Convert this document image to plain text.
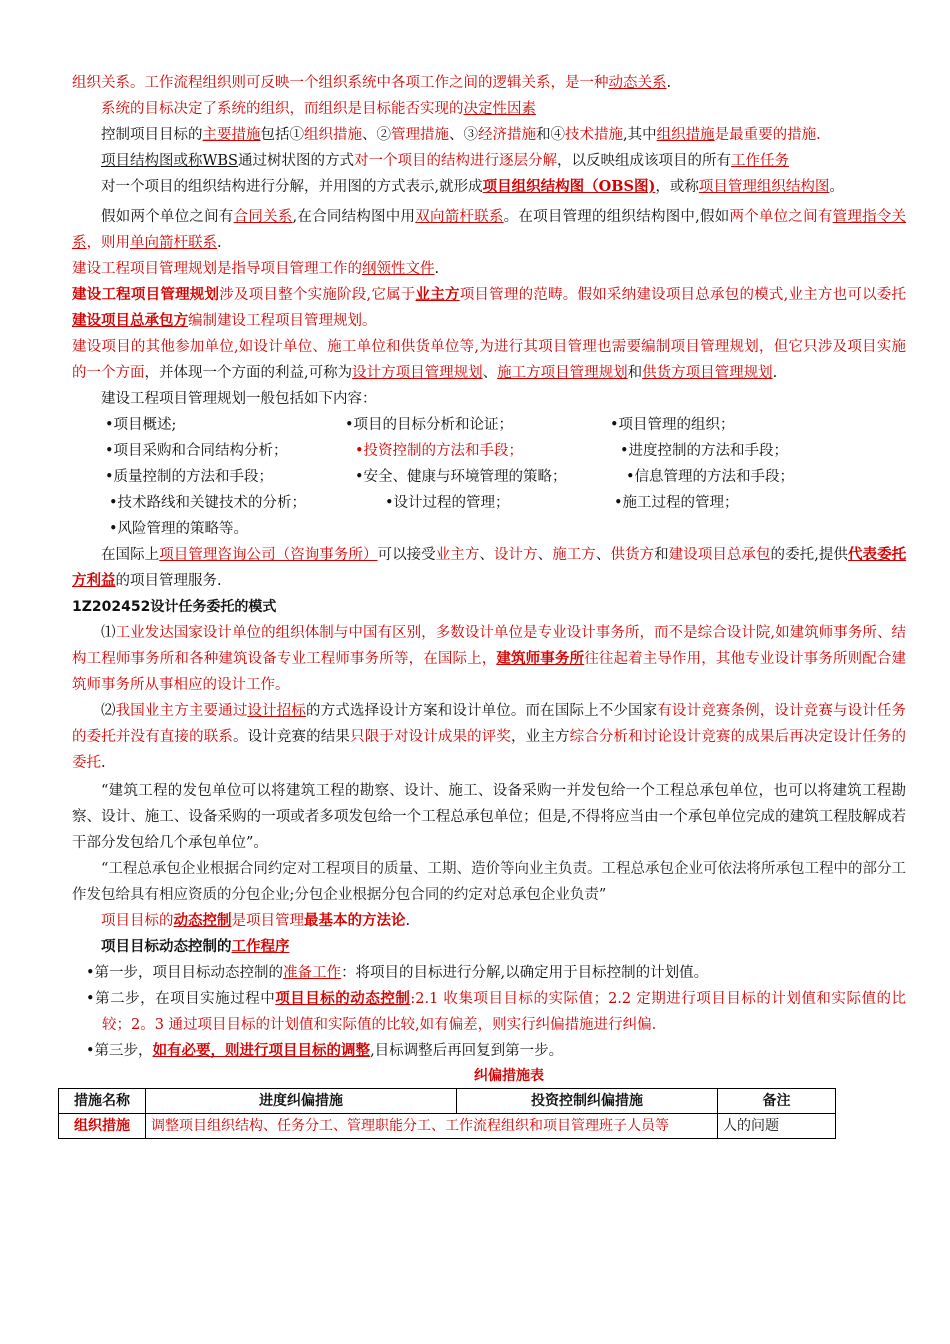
组织关系。工作流程组织则可反映一个组织系统中各项工作之间的逻辑关系，是一种动态关系.

系统的目标决定了系统的组织，而组织是目标能否实现的决定性因素

控制项目目标的主要措施包括①组织措施、②管理措施、③经济措施和④技术措施,其中组织措施是最重要的措施.

项目结构图或称WBS通过树状图的方式对一个项目的结构进行逐层分解，以反映组成该项目的所有工作任务

对一个项目的组织结构进行分解，并用图的方式表示,就形成项目组织结构图（OBS图)，或称项目管理组织结构图。

假如两个单位之间有合同关系,在合同结构图中用双向箭杆联系。在项目管理的组织结构图中,假如两个单位之间有管理指令关系，则用单向箭杆联系.

建设工程项目管理规划是指导项目管理工作的纲领性文件.

建设工程项目管理规划涉及项目整个实施阶段,它属于业主方项目管理的范畴。假如采纳建设项目总承包的模式,业主方也可以委托建设项目总承包方编制建设工程项目管理规划。

建设项目的其他参加单位,如设计单位、施工单位和供货单位等,为进行其项目管理也需要编制项目管理规划，但它只涉及项目实施的一个方面，并体现一个方面的利益,可称为设计方项目管理规划、施工方项目管理规划和供货方项目管理规划.

建设工程项目管理规划一般包括如下内容：

•项目概述;	•项目的目标分析和论证；	•项目管理的组织；
•项目采购和合同结构分析；	•投资控制的方法和手段；	•进度控制的方法和手段；
•质量控制的方法和手段；	•安全、健康与环境管理的策略；	•信息管理的方法和手段；
•技术路线和关键技术的分析；	•设计过程的管理；	•施工过程的管理；
•风险管理的策略等。

在国际上项目管理咨询公司（咨询事务所）可以接受业主方、设计方、施工方、供货方和建设项目总承包的委托,提供代表委托方利益的项目管理服务.

1Z202452设计任务委托的模式

⑴工业发达国家设计单位的组织体制与中国有区别，多数设计单位是专业设计事务所，而不是综合设计院,如建筑师事务所、结构工程师事务所和各种建筑设备专业工程师事务所等，在国际上，建筑师事务所往往起着主导作用，其他专业设计事务所则配合建筑师事务所从事相应的设计工作。

⑵我国业主方主要通过设计招标的方式选择设计方案和设计单位。而在国际上不少国家有设计竞赛条例，设计竞赛与设计任务的委托并没有直接的联系。设计竞赛的结果只限于对设计成果的评奖，业主方综合分析和讨论设计竞赛的成果后再决定设计任务的委托.

“建筑工程的发包单位可以将建筑工程的勘察、设计、施工、设备采购一并发包给一个工程总承包单位，也可以将建筑工程勘察、设计、施工、设备采购的一项或者多项发包给一个工程总承包单位；但是,不得将应当由一个承包单位完成的建筑工程肢解成若干部分发包给几个承包单位”。

“工程总承包企业根据合同约定对工程项目的质量、工期、造价等向业主负责。工程总承包企业可依法将所承包工程中的部分工作发包给具有相应资质的分包企业;分包企业根据分包合同的约定对总承包企业负责”

项目目标的动态控制是项目管理最基本的方法论.

项目目标动态控制的工作程序

•第一步，项目目标动态控制的准备工作：将项目的目标进行分解,以确定用于目标控制的计划值。

•第二步，在项目实施过程中项目目标的动态控制:2.1 收集项目目标的实际值；2.2 定期进行项目目标的计划值和实际值的比较；2。3 通过项目目标的计划值和实际值的比较,如有偏差，则实行纠偏措施进行纠偏.

•第三步，如有必要，则进行项目目标的调整,目标调整后再回复到第一步。

纠偏措施表
措施名称	进度纠偏措施	投资控制纠偏措施	备注
组织措施	调整项目组织结构、任务分工、管理职能分工、工作流程组织和项目管理班子人员等		人的问题
